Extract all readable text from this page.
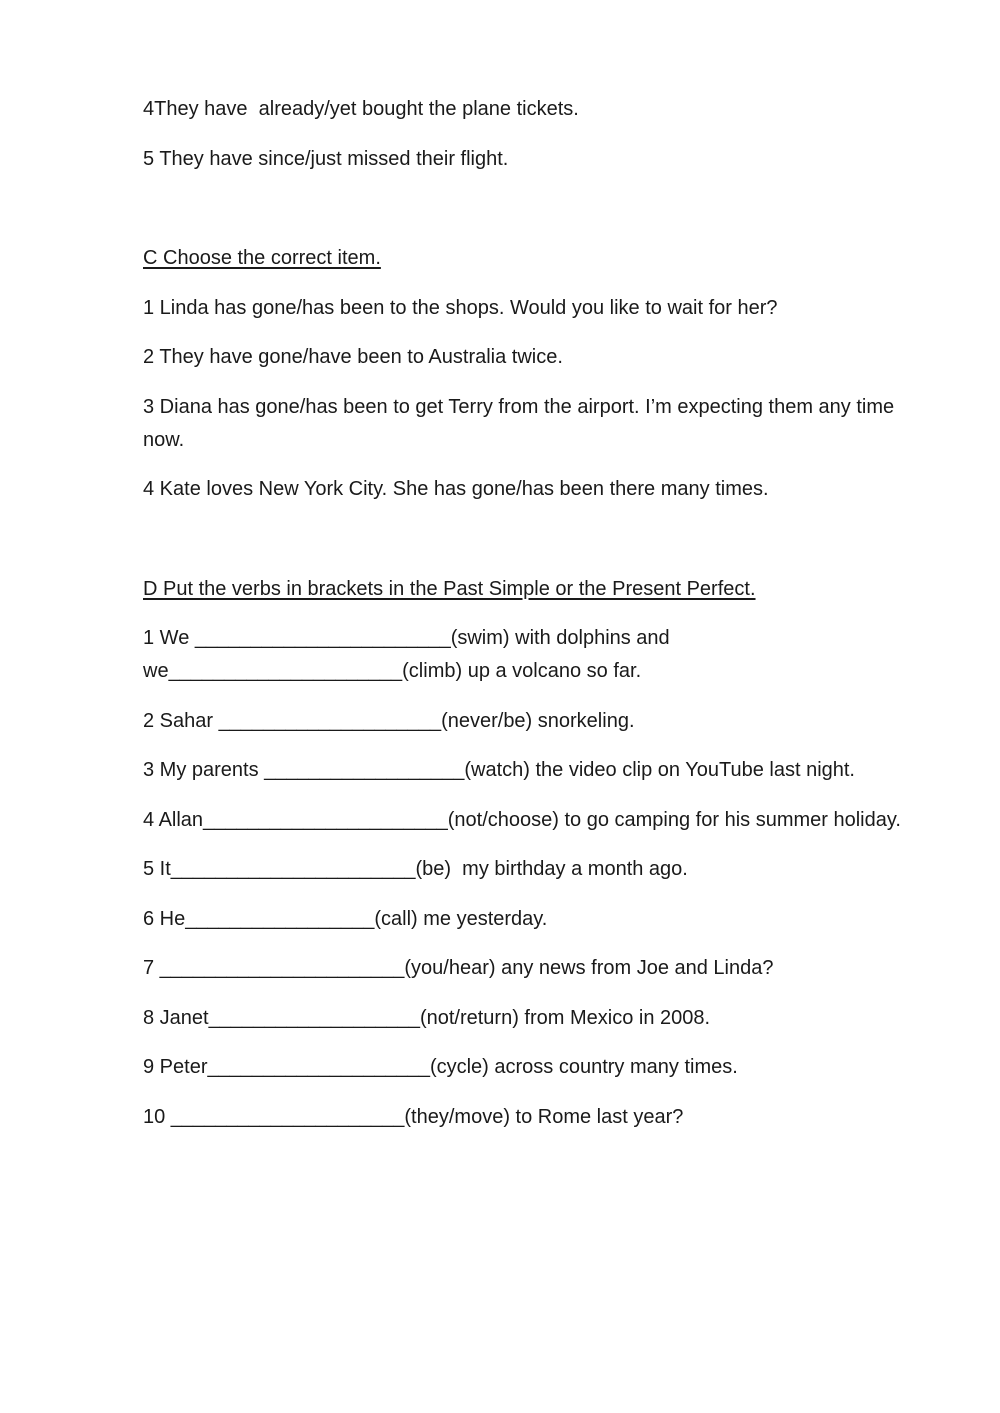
4They have  already/yet bought the plane tickets.
5 They have since/just missed their flight.
C Choose the correct item.
1 Linda has gone/has been to the shops. Would you like to wait for her?
2 They have gone/have been to Australia twice.
3 Diana has gone/has been to get Terry from the airport. I’m expecting them any time now.
4 Kate loves New York City. She has gone/has been there many times.
D Put the verbs in brackets in the Past Simple or the Present Perfect.
1 We _______________________(swim) with dolphins and we_____________________(climb) up a volcano so far.
2 Sahar ____________________(never/be) snorkeling.
3 My parents __________________(watch) the video clip on YouTube last night.
4 Allan______________________(not/choose) to go camping for his summer holiday.
5 It______________________(be)  my birthday a month ago.
6 He_________________(call) me yesterday.
7 ______________________(you/hear) any news from Joe and Linda?
8 Janet___________________(not/return) from Mexico in 2008.
9 Peter____________________(cycle) across country many times.
10 _____________________(they/move) to Rome last year?
